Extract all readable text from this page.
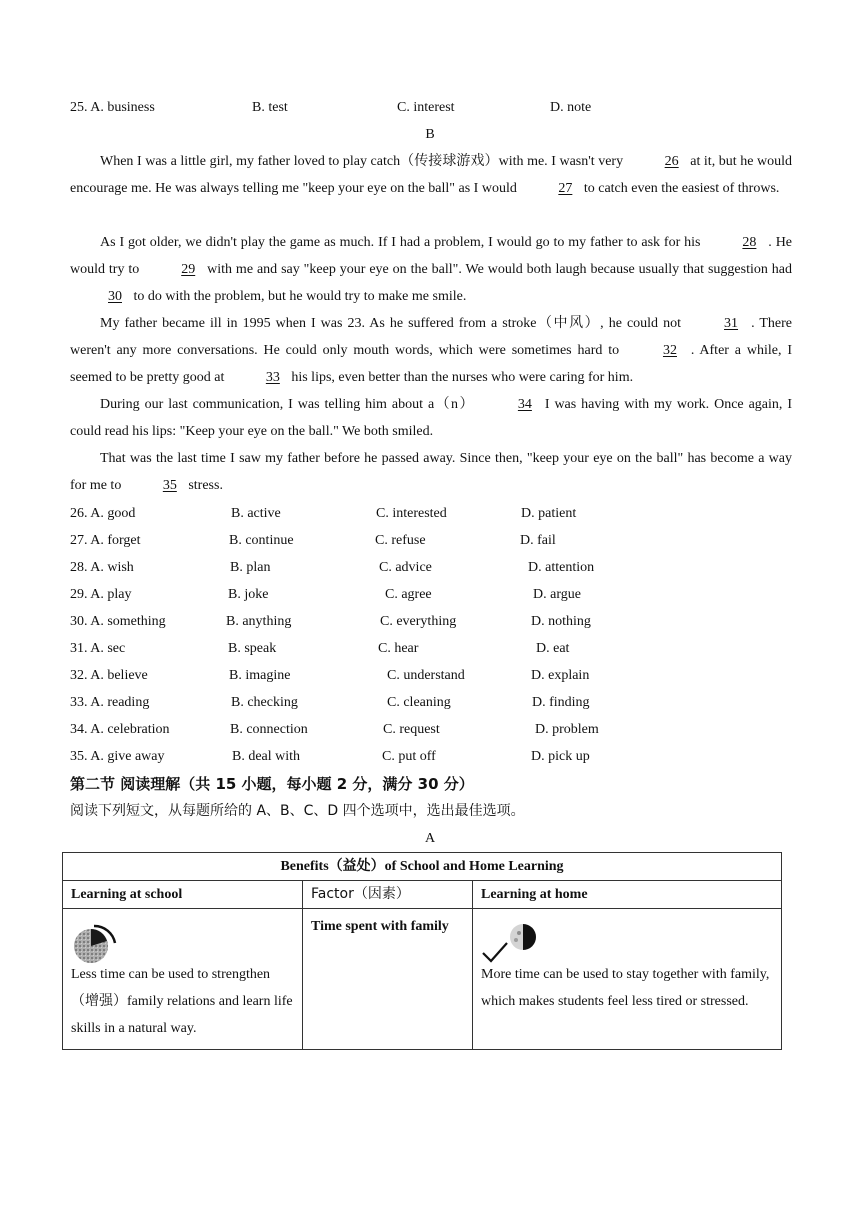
25. A. business	B. test	C. interest	D. note
B
When I was a little girl, my father loved to play catch（传接球游戏）with me. I wasn't very	26 at it, but he would encourage me. He was always telling me "keep your eye on the ball" as I would	27 to catch even the easiest of throws.
As I got older, we didn't play the game as much. If I had a problem, I would go to my father to ask for his	28 . He would try to	29 with me and say "keep your eye on the ball". We would both laugh because usually that suggestion had 30 to do with the problem, but he would try to make me smile.
My father became ill in 1995 when I was 23. As he suffered from a stroke（中风）, he could not	31 . There weren't any more conversations. He could only mouth words, which were sometimes hard to	32 . After a while, I seemed to be pretty good at	33 his lips, even better than the nurses who were caring for him.
During our last communication, I was telling him about a（n）	34 I was having with my work. Once again, I could read his lips: "Keep your eye on the ball." We both smiled.
That was the last time I saw my father before he passed away. Since then, "keep your eye on the ball" has become a way for me to	35 stress.
26. A. good	B. active	C. interested	D. patient
27. A. forget	B. continue	C. refuse	D. fail
28. A. wish	B. plan	C. advice	D. attention
29. A. play	B. joke	C. agree	D. argue
30. A. something	B. anything	C. everything	D. nothing
31. A. sec	B. speak	C. hear	D. eat
32. A. believe	B. imagine	C. understand	D. explain
33. A. reading	B. checking	C. cleaning	D. finding
34. A. celebration	B. connection	C. request	D. problem
35. A. give away	B. deal with	C. put off	D. pick up
第二节 阅读理解（共 15 小题，每小题 2 分，满分 30 分）
阅读下列短文，从每题所给的 A、B、C、D 四个选项中，选出最佳选项。
A
Benefits（益处）of School and Home Learning		
Learning at school	Factor（因素）	Learning at home

Less time can be used to strengthen（增强）family relations and learn life skills in a natural way.	Time spent with family	More time can be used to stay together with family, which makes students feel less tired or stressed.
